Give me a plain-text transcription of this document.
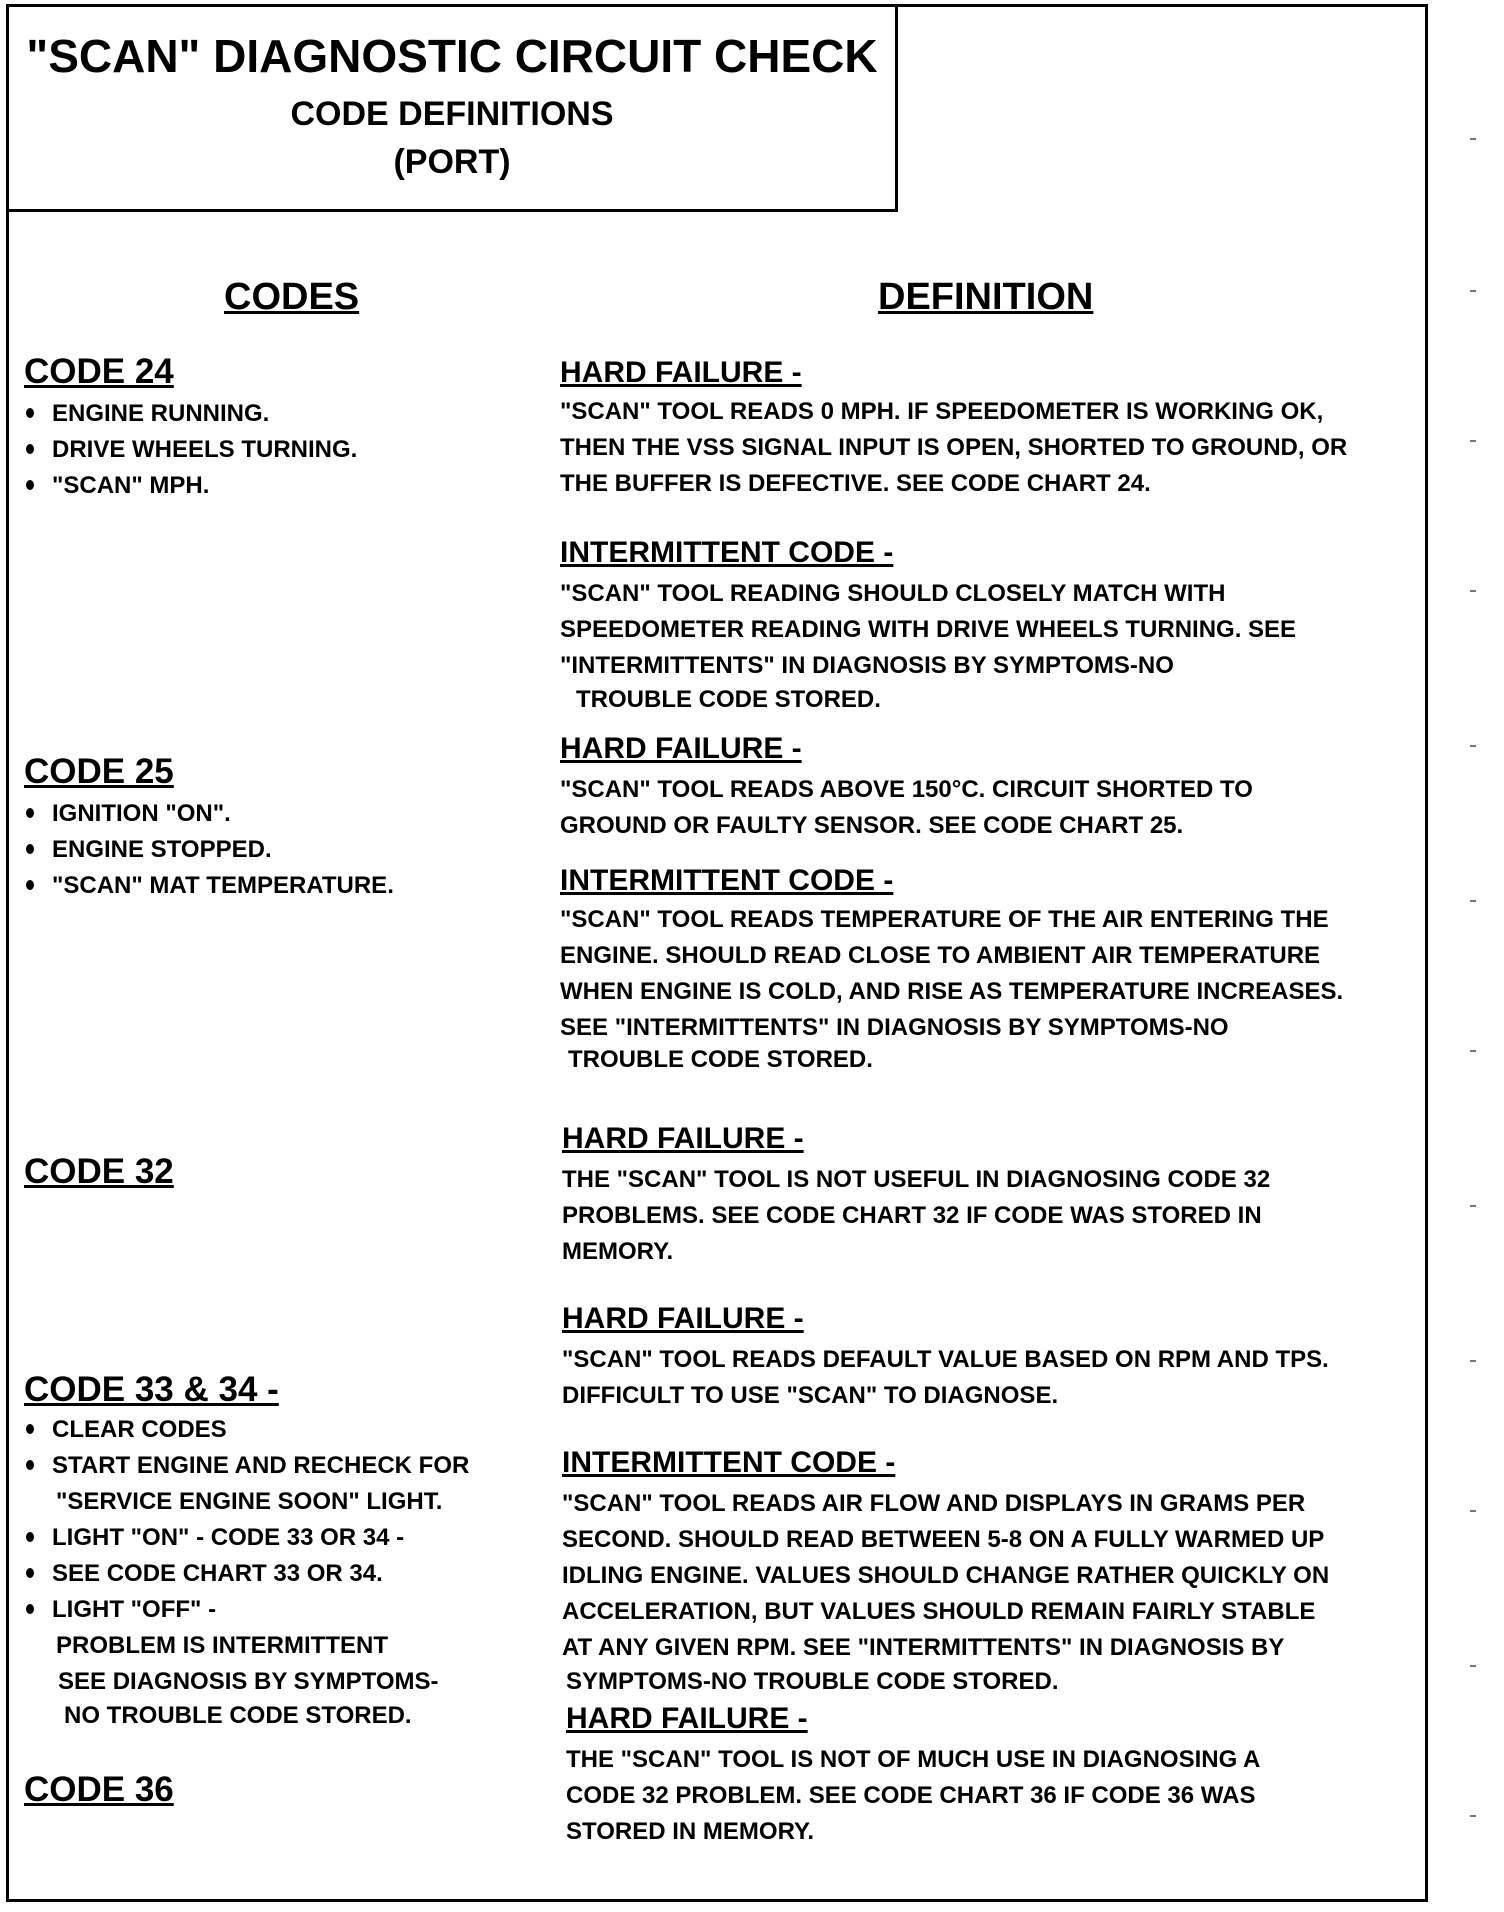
"SCAN" DIAGNOSTIC CIRCUIT CHECK
CODE DEFINITIONS
(PORT)
CODES	DEFINITION
CODE 24
ENGINE RUNNING.
DRIVE WHEELS TURNING.
"SCAN" MPH.
HARD FAILURE -
"SCAN" TOOL READS 0 MPH. IF SPEEDOMETER IS WORKING OK,
THEN THE VSS SIGNAL INPUT IS OPEN, SHORTED TO GROUND, OR
THE BUFFER IS DEFECTIVE. SEE CODE CHART 24.
INTERMITTENT CODE -
"SCAN" TOOL READING SHOULD CLOSELY MATCH WITH
SPEEDOMETER READING WITH DRIVE WHEELS TURNING. SEE
"INTERMITTENTS" IN DIAGNOSIS BY SYMPTOMS-NO
TROUBLE CODE STORED.
CODE 25
IGNITION "ON".
ENGINE STOPPED.
"SCAN" MAT TEMPERATURE.
HARD FAILURE -
"SCAN" TOOL READS ABOVE 150°C. CIRCUIT SHORTED TO
GROUND OR FAULTY SENSOR. SEE CODE CHART 25.
INTERMITTENT CODE -
"SCAN" TOOL READS TEMPERATURE OF THE AIR ENTERING THE
ENGINE. SHOULD READ CLOSE TO AMBIENT AIR TEMPERATURE
WHEN ENGINE IS COLD, AND RISE AS TEMPERATURE INCREASES.
SEE "INTERMITTENTS" IN DIAGNOSIS BY SYMPTOMS-NO
TROUBLE CODE STORED.
CODE 32
HARD FAILURE -
THE "SCAN" TOOL IS NOT USEFUL IN DIAGNOSING CODE 32
PROBLEMS. SEE CODE CHART 32 IF CODE WAS STORED IN
MEMORY.
CODE 33 & 34 -
CLEAR CODES
START ENGINE AND RECHECK FOR
"SERVICE ENGINE SOON" LIGHT.
LIGHT "ON" - CODE 33 OR 34 -
SEE CODE CHART 33 OR 34.
LIGHT "OFF" -
PROBLEM IS INTERMITTENT
SEE DIAGNOSIS BY SYMPTOMS-
NO TROUBLE CODE STORED.
HARD FAILURE -
"SCAN" TOOL READS DEFAULT VALUE BASED ON RPM AND TPS.
DIFFICULT TO USE "SCAN" TO DIAGNOSE.
INTERMITTENT CODE -
"SCAN" TOOL READS AIR FLOW AND DISPLAYS IN GRAMS PER
SECOND. SHOULD READ BETWEEN 5-8 ON A FULLY WARMED UP
IDLING ENGINE. VALUES SHOULD CHANGE RATHER QUICKLY ON
ACCELERATION, BUT VALUES SHOULD REMAIN FAIRLY STABLE
AT ANY GIVEN RPM. SEE "INTERMITTENTS" IN DIAGNOSIS BY
SYMPTOMS-NO TROUBLE CODE STORED.
CODE 36
HARD FAILURE -
THE "SCAN" TOOL IS NOT OF MUCH USE IN DIAGNOSING A
CODE 32 PROBLEM. SEE CODE CHART 36 IF CODE 36 WAS
STORED IN MEMORY.
